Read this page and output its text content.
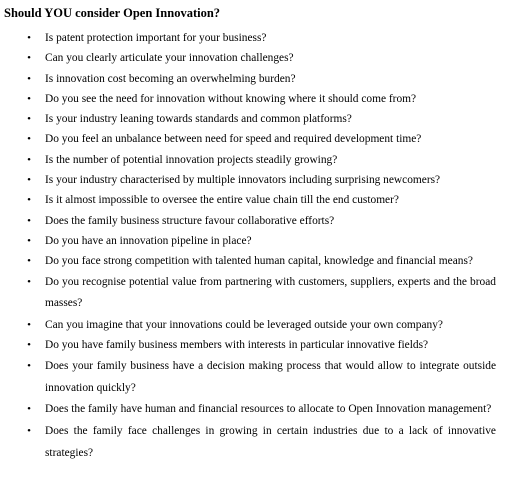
Should YOU consider Open Innovation?
• Is patent protection important for your business?
• Can you clearly articulate your innovation challenges?
• Is innovation cost becoming an overwhelming burden?
• Do you see the need for innovation without knowing where it should come from?
• Is your industry leaning towards standards and common platforms?
• Do you feel an unbalance between need for speed and required development time?
• Is the number of potential innovation projects steadily growing?
• Is your industry characterised by multiple innovators including surprising newcomers?
• Is it almost impossible to oversee the entire value chain till the end customer?
• Does the family business structure favour collaborative efforts?
• Do you have an innovation pipeline in place?
• Do you face strong competition with talented human capital, knowledge and financial means?
• Do you recognise potential value from partnering with customers, suppliers, experts and the broad masses?
• Can you imagine that your innovations could be leveraged outside your own company?
• Do you have family business members with interests in particular innovative fields?
• Does your family business have a decision making process that would allow to integrate outside innovation quickly?
• Does the family have human and financial resources to allocate to Open Innovation management?
• Does the family face challenges in growing in certain industries due to a lack of innovative strategies?
